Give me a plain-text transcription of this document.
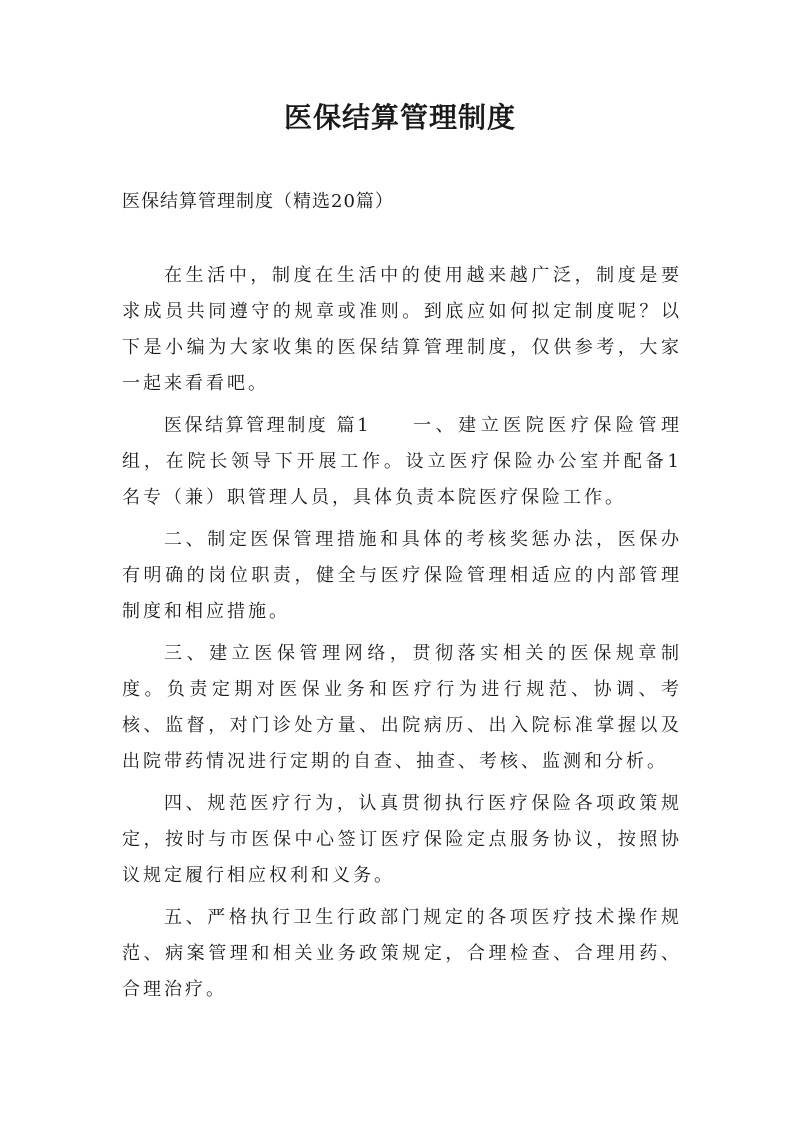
医保结算管理制度

医保结算管理制度（精选20篇）

在生活中，制度在生活中的使用越来越广泛，制度是要求成员共同遵守的规章或准则。到底应如何拟定制度呢？以下是小编为大家收集的医保结算管理制度，仅供参考，大家一起来看看吧。

医保结算管理制度 篇1 一、建立医院医疗保险管理组，在院长领导下开展工作。设立医疗保险办公室并配备1名专（兼）职管理人员，具体负责本院医疗保险工作。

二、制定医保管理措施和具体的考核奖惩办法，医保办有明确的岗位职责，健全与医疗保险管理相适应的内部管理制度和相应措施。

三、建立医保管理网络，贯彻落实相关的医保规章制度。负责定期对医保业务和医疗行为进行规范、协调、考核、监督，对门诊处方量、出院病历、出入院标准掌握以及出院带药情况进行定期的自查、抽查、考核、监测和分析。

四、规范医疗行为，认真贯彻执行医疗保险各项政策规定，按时与市医保中心签订医疗保险定点服务协议，按照协议规定履行相应权利和义务。

五、严格执行卫生行政部门规定的各项医疗技术操作规范、病案管理和相关业务政策规定，合理检查、合理用药、合理治疗。
